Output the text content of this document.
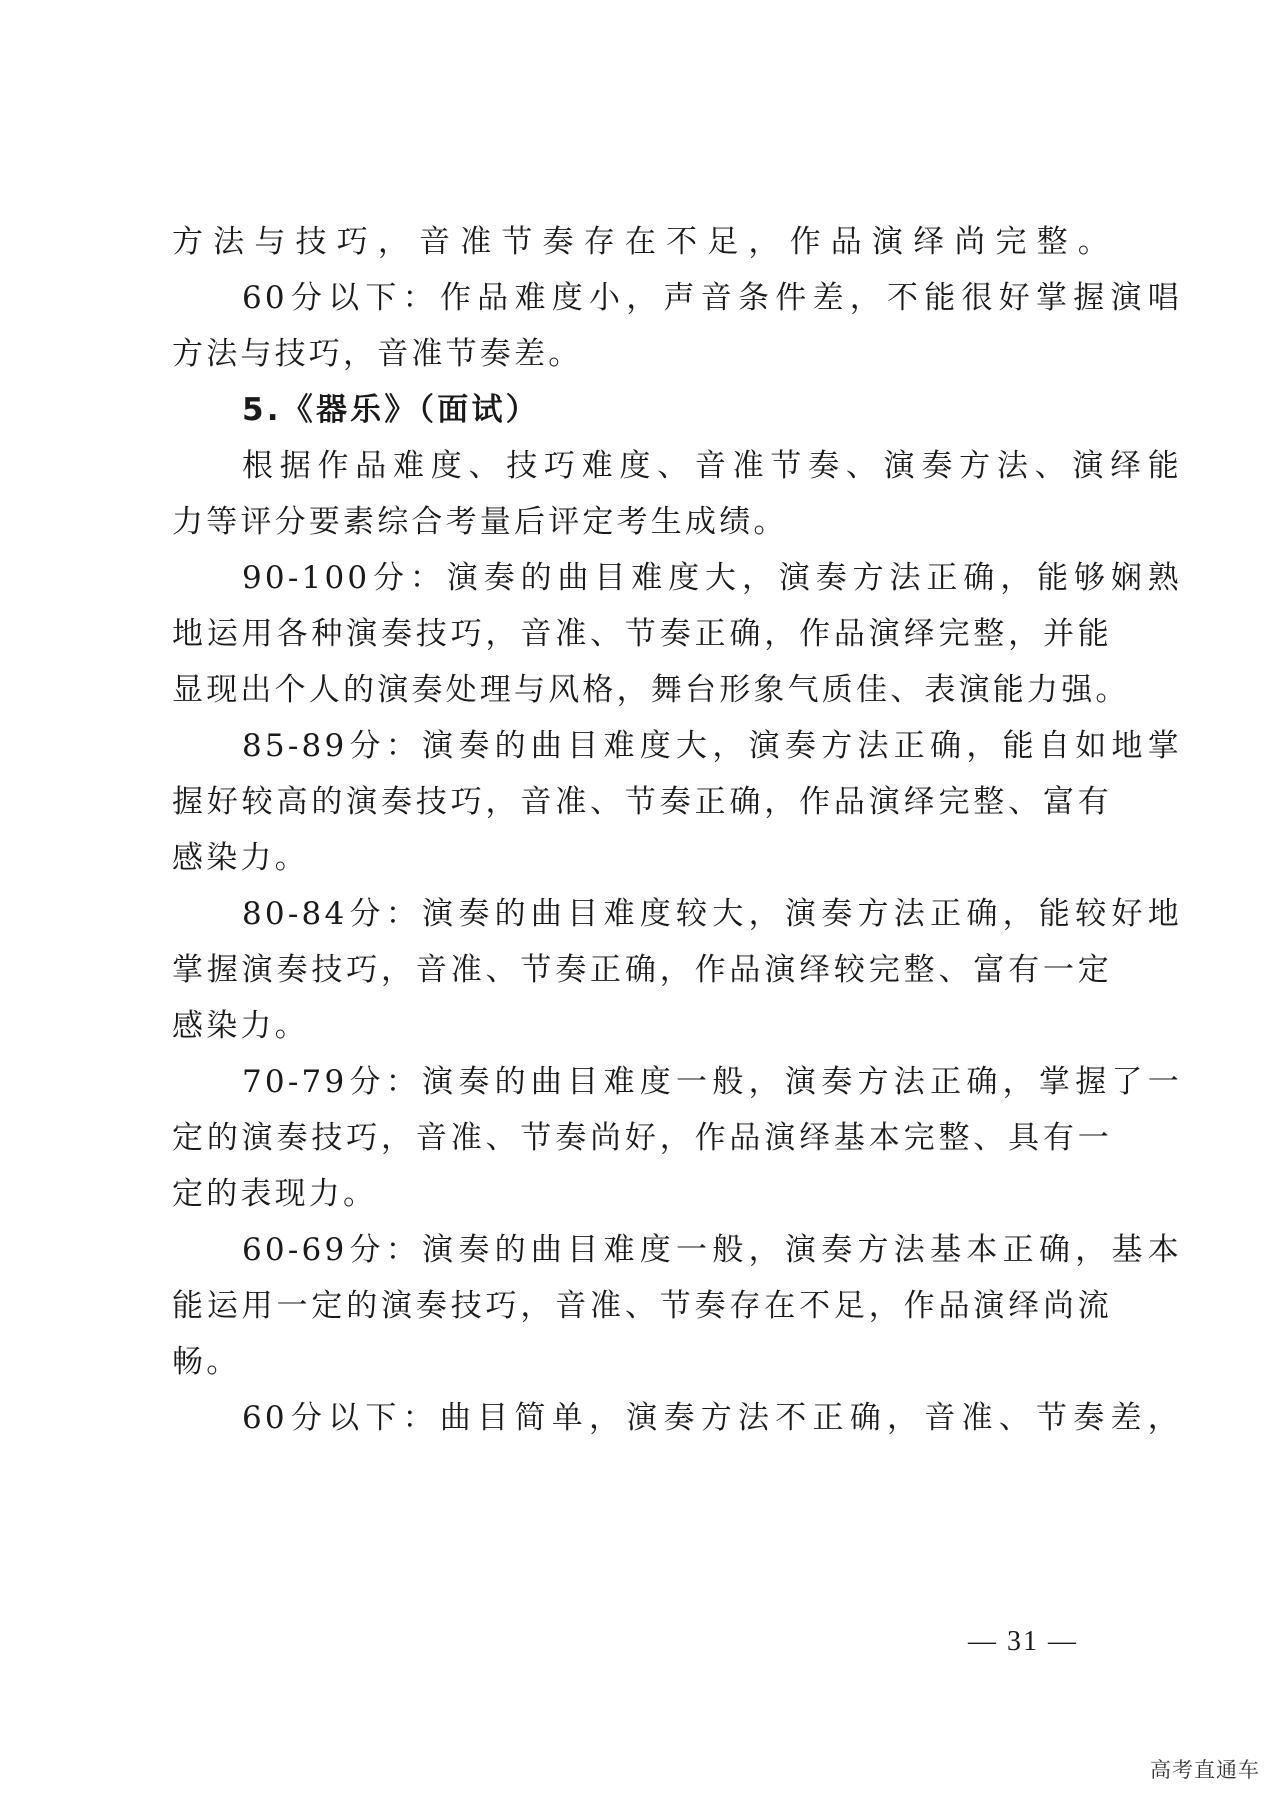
方法与技巧，音准节奏存在不足，作品演绎尚完整。
60分以下：作品难度小，声音条件差，不能很好掌握演唱
方法与技巧，音准节奏差。
5.《器乐》（面试）
根据作品难度、技巧难度、音准节奏、演奏方法、演绎能
力等评分要素综合考量后评定考生成绩。
90-100分：演奏的曲目难度大，演奏方法正确，能够娴熟
地运用各种演奏技巧，音准、节奏正确，作品演绎完整，并能
显现出个人的演奏处理与风格，舞台形象气质佳、表演能力强。
85-89分：演奏的曲目难度大，演奏方法正确，能自如地掌
握好较高的演奏技巧，音准、节奏正确，作品演绎完整、富有
感染力。
80-84分：演奏的曲目难度较大，演奏方法正确，能较好地
掌握演奏技巧，音准、节奏正确，作品演绎较完整、富有一定
感染力。
70-79分：演奏的曲目难度一般，演奏方法正确，掌握了一
定的演奏技巧，音准、节奏尚好，作品演绎基本完整、具有一
定的表现力。
60-69分：演奏的曲目难度一般，演奏方法基本正确，基本
能运用一定的演奏技巧，音准、节奏存在不足，作品演绎尚流
畅。
60分以下：曲目简单，演奏方法不正确，音准、节奏差，
— 31 —
高考直通车
